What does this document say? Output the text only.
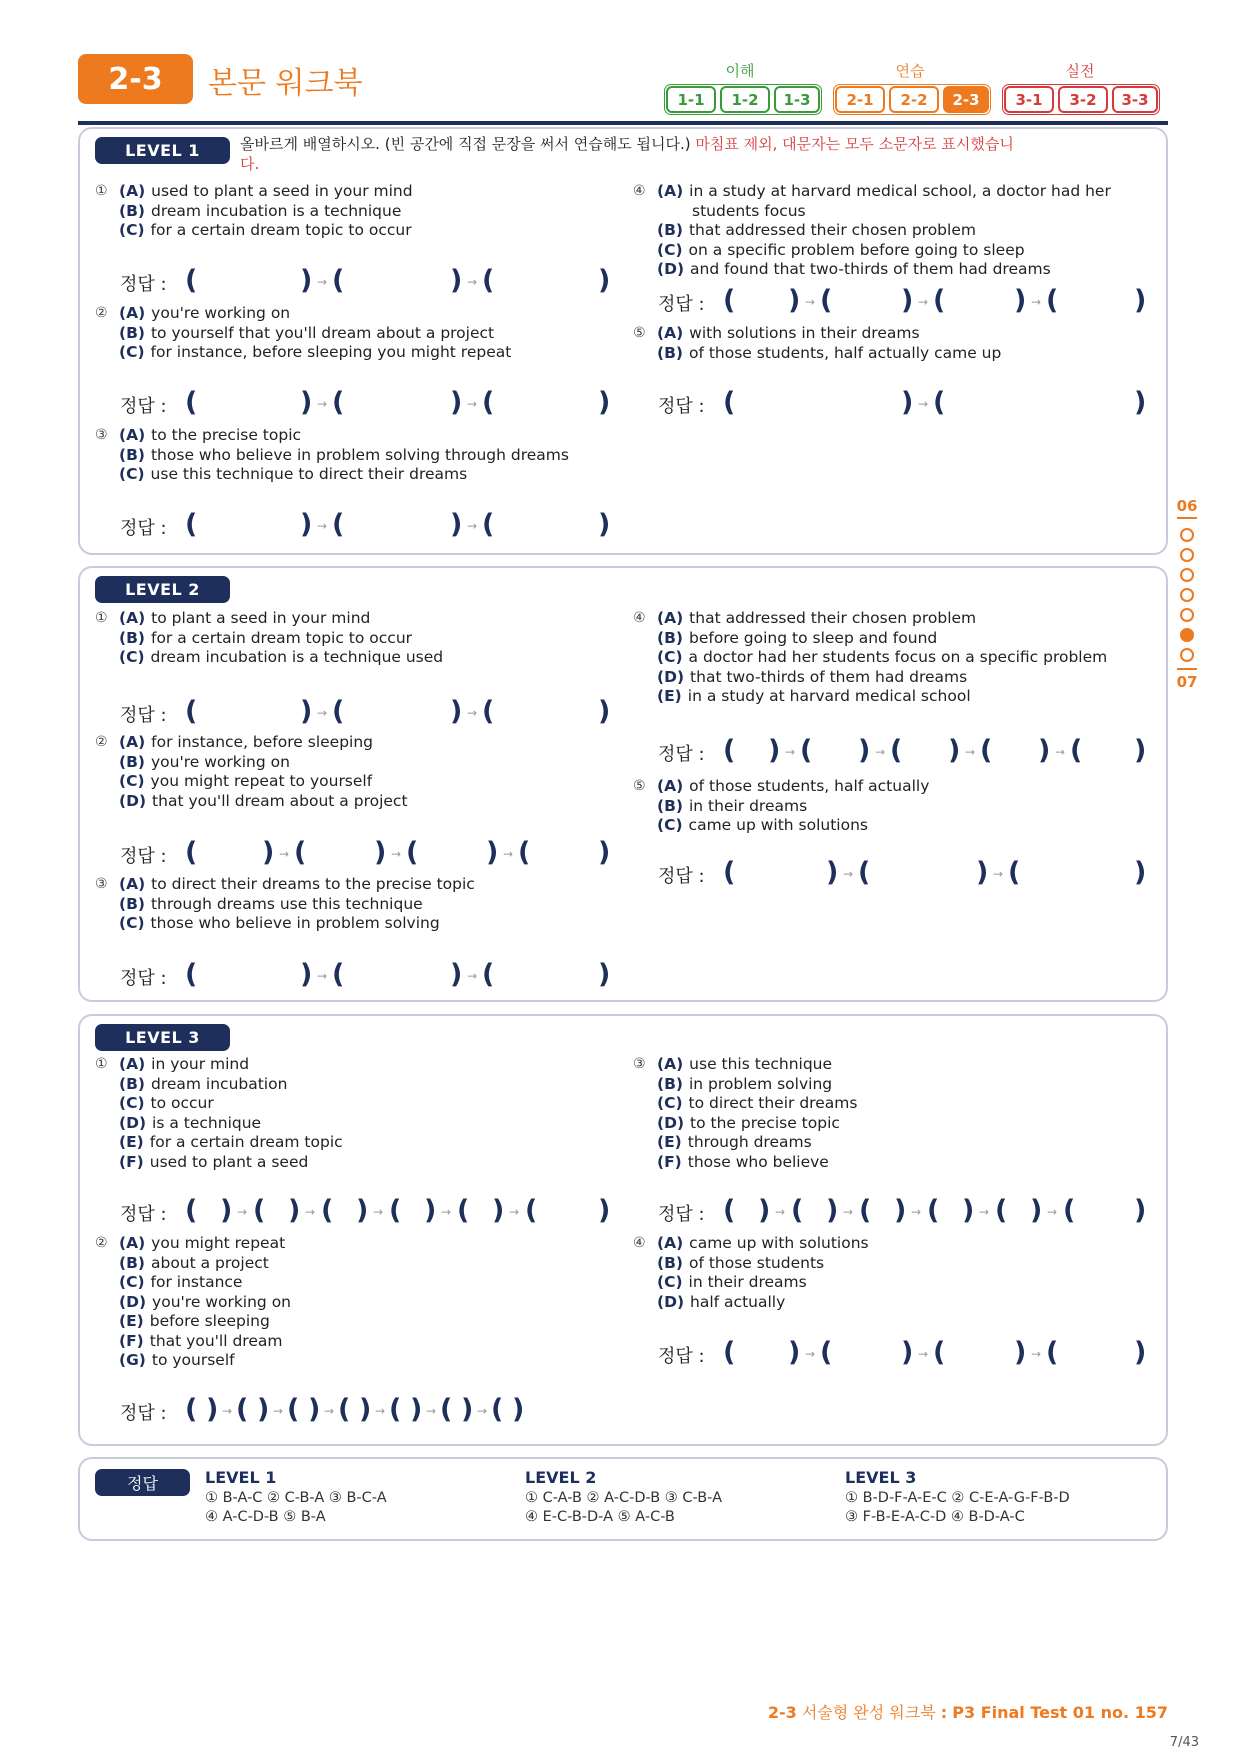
2-3	본문 워크북	이해	연습	실전
1-1	1-2	1-3	2-1	2-2	2-3	3-1	3-2	3-3
LEVEL 1	올바르게 배열하시오. (빈 공간에 직접 문장을 써서 연습해도 됩니다.) 마침표 제외, 대문자는 모두 소문자로 표시했습니
다.
① (A) used to plant a seed in your mind
(B) dream incubation is a technique
(C) for a certain dream topic to occur
정답 : (	) → (	) → (	)
② (A) you're working on
(B) to yourself that you'll dream about a project
(C) for instance, before sleeping you might repeat
정답 : (	) → (	) → (	)
③ (A) to the precise topic
(B) those who believe in problem solving through dreams
(C) use this technique to direct their dreams
정답 : (	) → (	) → (	)
④ (A) in a study at harvard medical school, a doctor had her
students focus
(B) that addressed their chosen problem
(C) on a specific problem before going to sleep
(D) and found that two-thirds of them had dreams
정답 : ( ) → (	) → (	) → (	)
⑤ (A) with solutions in their dreams
(B) of those students, half actually came up
정답 : (	) → (	)
LEVEL 2
① (A) to plant a seed in your mind
(B) for a certain dream topic to occur
(C) dream incubation is a technique used
정답 : (	) → (	) → (	)
② (A) for instance, before sleeping
(B) you're working on
(C) you might repeat to yourself
(D) that you'll dream about a project
정답 : ( ) → (	) → (	) → (	)
③ (A) to direct their dreams to the precise topic
(B) through dreams use this technique
(C) those who believe in problem solving
정답 : (	) → (	) → (	)
④ (A) that addressed their chosen problem
(B) before going to sleep and found
(C) a doctor had her students focus on a specific problem
(D) that two-thirds of them had dreams
(E) in a study at harvard medical school
정답 : ( ) → ( ) → ( ) → ( ) → ( )
⑤ (A) of those students, half actually
(B) in their dreams
(C) came up with solutions
정답 : (	) → (	) → (	)
LEVEL 3
① (A) in your mind
(B) dream incubation
(C) to occur
(D) is a technique
(E) for a certain dream topic
(F) used to plant a seed
정답 : ( ) → ( ) → ( ) → ( ) → ( ) → ( )
② (A) you might repeat
(B) about a project
(C) for instance
(D) you're working on
(E) before sleeping
(F) that you'll dream
(G) to yourself
정답 : ( ) → ( ) → ( ) → ( ) → ( ) → ( ) → ( )
③ (A) use this technique
(B) in problem solving
(C) to direct their dreams
(D) to the precise topic
(E) through dreams
(F) those who believe
정답 : ( ) → ( ) → ( ) → ( ) → ( ) → ( )
④ (A) came up with solutions
(B) of those students
(C) in their dreams
(D) half actually
정답 : ( ) → (	) → (	) → (	)
정답	LEVEL 1
① B-A-C ② C-B-A ③ B-C-A
④ A-C-D-B ⑤ B-A
LEVEL 2
① C-A-B ② A-C-D-B ③ C-B-A
④ E-C-B-D-A ⑤ A-C-B
LEVEL 3
① B-D-F-A-E-C ② C-E-A-G-F-B-D
③ F-B-E-A-C-D ④ B-D-A-C
06
07
2-3 서술형 완성 워크북 : P3 Final Test 01 no. 157
7/43
